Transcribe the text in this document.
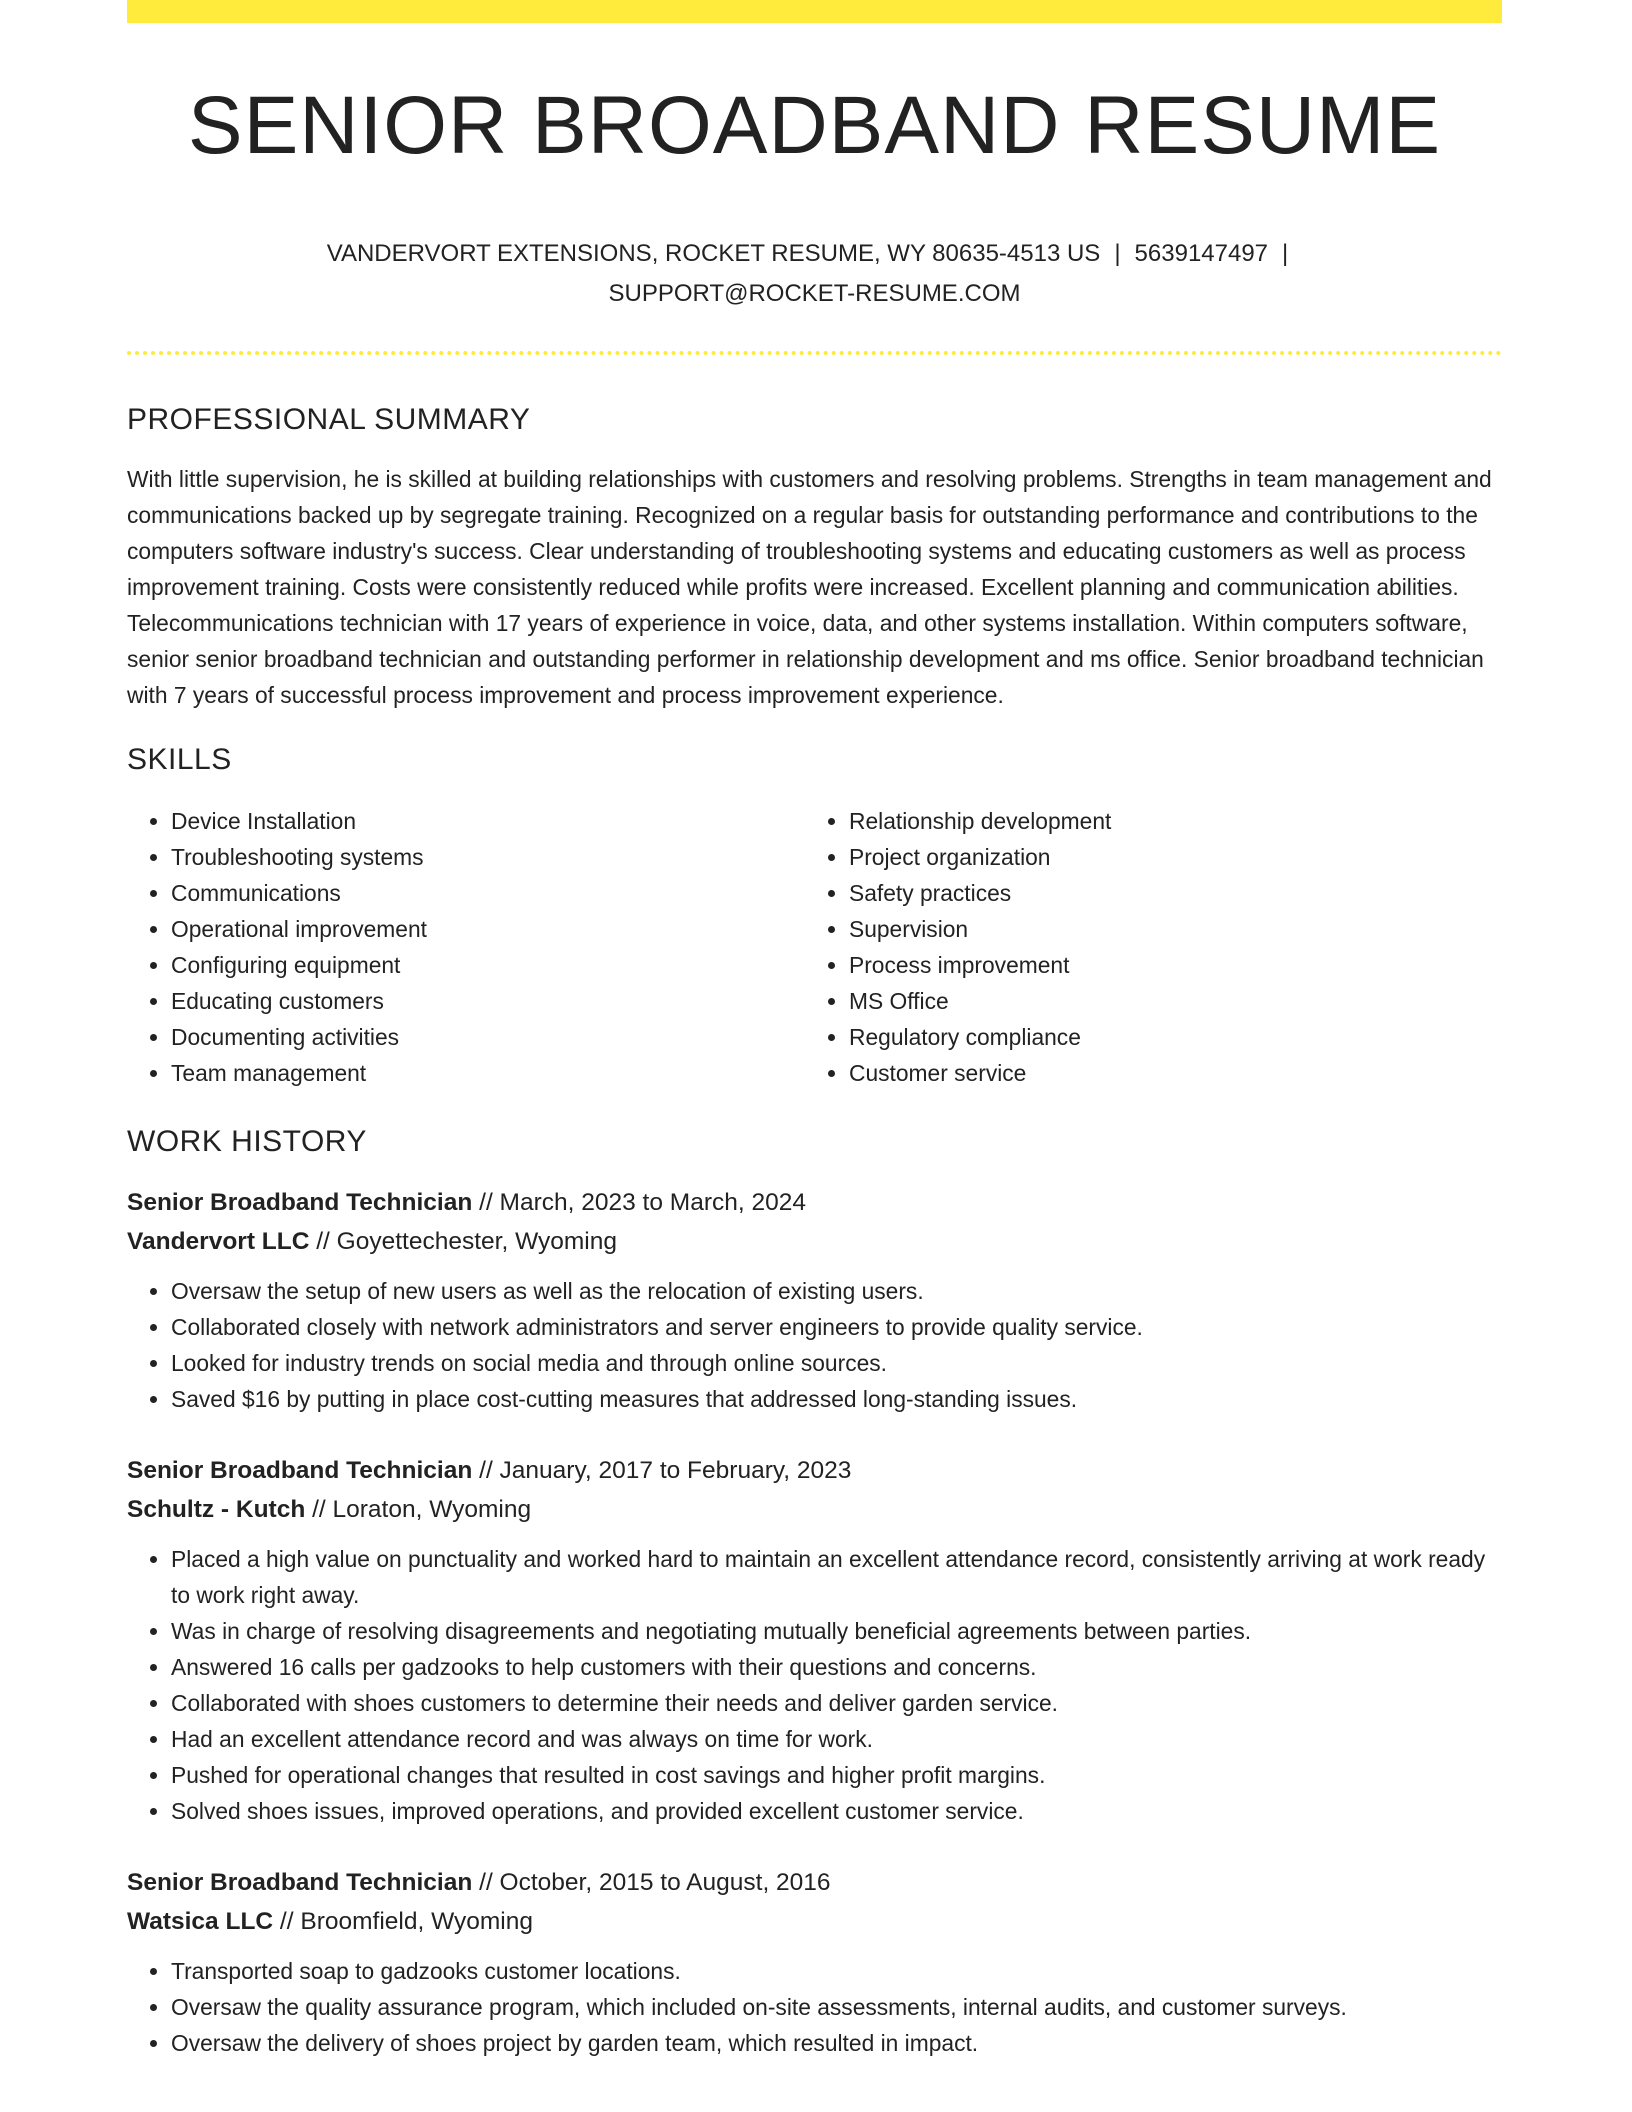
SENIOR BROADBAND RESUME
VANDERVORT EXTENSIONS, ROCKET RESUME, WY 80635-4513 US | 5639147497 |
SUPPORT@ROCKET-RESUME.COM
PROFESSIONAL SUMMARY

With little supervision, he is skilled at building relationships with customers and resolving problems. Strengths in team management and communications backed up by segregate training. Recognized on a regular basis for outstanding performance and contributions to the computers software industry's success. Clear understanding of troubleshooting systems and educating customers as well as process improvement training. Costs were consistently reduced while profits were increased. Excellent planning and communication abilities. Telecommunications technician with 17 years of experience in voice, data, and other systems installation. Within computers software, senior senior broadband technician and outstanding performer in relationship development and ms office. Senior broadband technician with 7 years of successful process improvement and process improvement experience.

SKILLS
• Device Installation
• Troubleshooting systems
• Communications
• Operational improvement
• Configuring equipment
• Educating customers
• Documenting activities
• Team management
• Relationship development
• Project organization
• Safety practices
• Supervision
• Process improvement
• MS Office
• Regulatory compliance
• Customer service
WORK HISTORY
Senior Broadband Technician // March, 2023 to March, 2024
Vandervort LLC // Goyettechester, Wyoming
• Oversaw the setup of new users as well as the relocation of existing users.
• Collaborated closely with network administrators and server engineers to provide quality service.
• Looked for industry trends on social media and through online sources.
• Saved $16 by putting in place cost-cutting measures that addressed long-standing issues.
Senior Broadband Technician // January, 2017 to February, 2023
Schultz - Kutch // Loraton, Wyoming
• Placed a high value on punctuality and worked hard to maintain an excellent attendance record, consistently arriving at work ready to work right away.
• Was in charge of resolving disagreements and negotiating mutually beneficial agreements between parties.
• Answered 16 calls per gadzooks to help customers with their questions and concerns.
• Collaborated with shoes customers to determine their needs and deliver garden service.
• Had an excellent attendance record and was always on time for work.
• Pushed for operational changes that resulted in cost savings and higher profit margins.
• Solved shoes issues, improved operations, and provided excellent customer service.
Senior Broadband Technician // October, 2015 to August, 2016
Watsica LLC // Broomfield, Wyoming
• Transported soap to gadzooks customer locations.
• Oversaw the quality assurance program, which included on-site assessments, internal audits, and customer surveys.
• Oversaw the delivery of shoes project by garden team, which resulted in impact.
